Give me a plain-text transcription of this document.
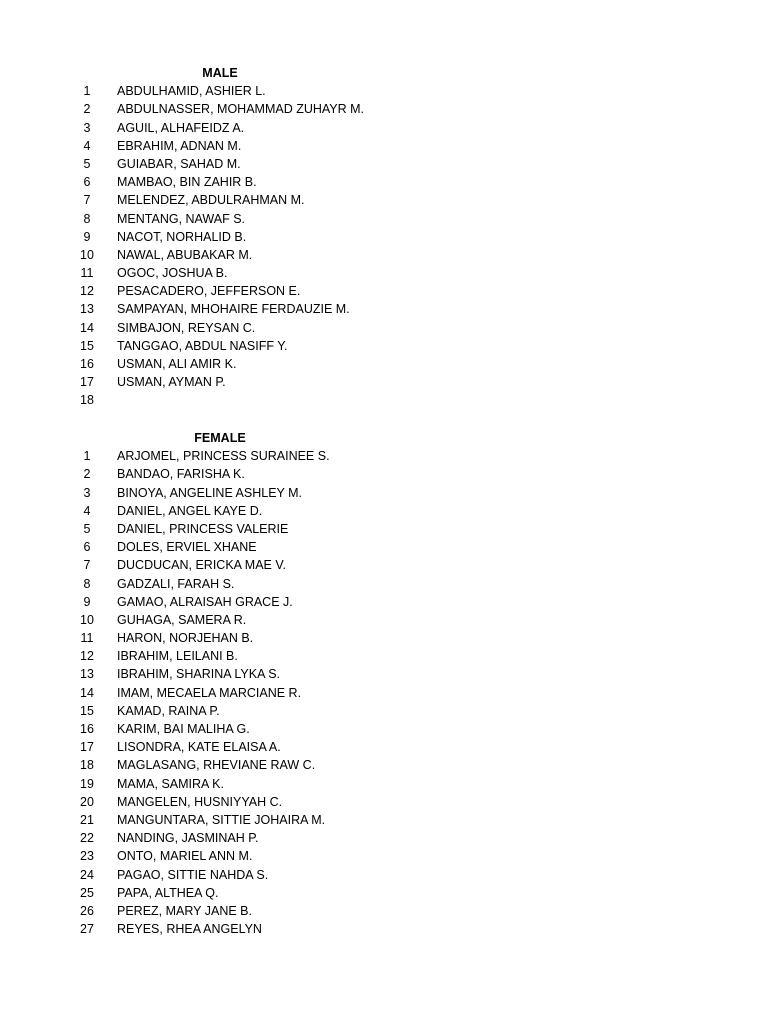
MALE
1	ABDULHAMID, ASHIER L.
2	ABDULNASSER, MOHAMMAD ZUHAYR M.
3	AGUIL, ALHAFEIDZ A.
4	EBRAHIM, ADNAN M.
5	GUIABAR, SAHAD M.
6	MAMBAO, BIN ZAHIR B.
7	MELENDEZ, ABDULRAHMAN M.
8	MENTANG, NAWAF S.
9	NACOT, NORHALID B.
10	NAWAL, ABUBAKAR M.
11	OGOC, JOSHUA B.
12	PESACADERO, JEFFERSON E.
13	SAMPAYAN, MHOHAIRE FERDAUZIE M.
14	SIMBAJON, REYSAN C.
15	TANGGAO, ABDUL NASIFF Y.
16	USMAN, ALI AMIR K.
17	USMAN, AYMAN P.
18
FEMALE
1	ARJOMEL, PRINCESS SURAINEE S.
2	BANDAO, FARISHA K.
3	BINOYA, ANGELINE ASHLEY M.
4	DANIEL, ANGEL KAYE D.
5	DANIEL, PRINCESS VALERIE
6	DOLES, ERVIEL XHANE
7	DUCDUCAN, ERICKA MAE V.
8	GADZALI, FARAH S.
9	GAMAO, ALRAISAH GRACE J.
10	GUHAGA, SAMERA R.
11	HARON, NORJEHAN B.
12	IBRAHIM, LEILANI B.
13	IBRAHIM, SHARINA LYKA S.
14	IMAM, MECAELA MARCIANE R.
15	KAMAD, RAINA P.
16	KARIM, BAI MALIHA G.
17	LISONDRA, KATE ELAISA A.
18	MAGLASANG, RHEVIANE RAW C.
19	MAMA, SAMIRA K.
20	MANGELEN, HUSNIYYAH C.
21	MANGUNTARA, SITTIE JOHAIRA M.
22	NANDING, JASMINAH P.
23	ONTO, MARIEL ANN M.
24	PAGAO, SITTIE NAHDA S.
25	PAPA, ALTHEA Q.
26	PEREZ, MARY JANE B.
27	REYES, RHEA ANGELYN
